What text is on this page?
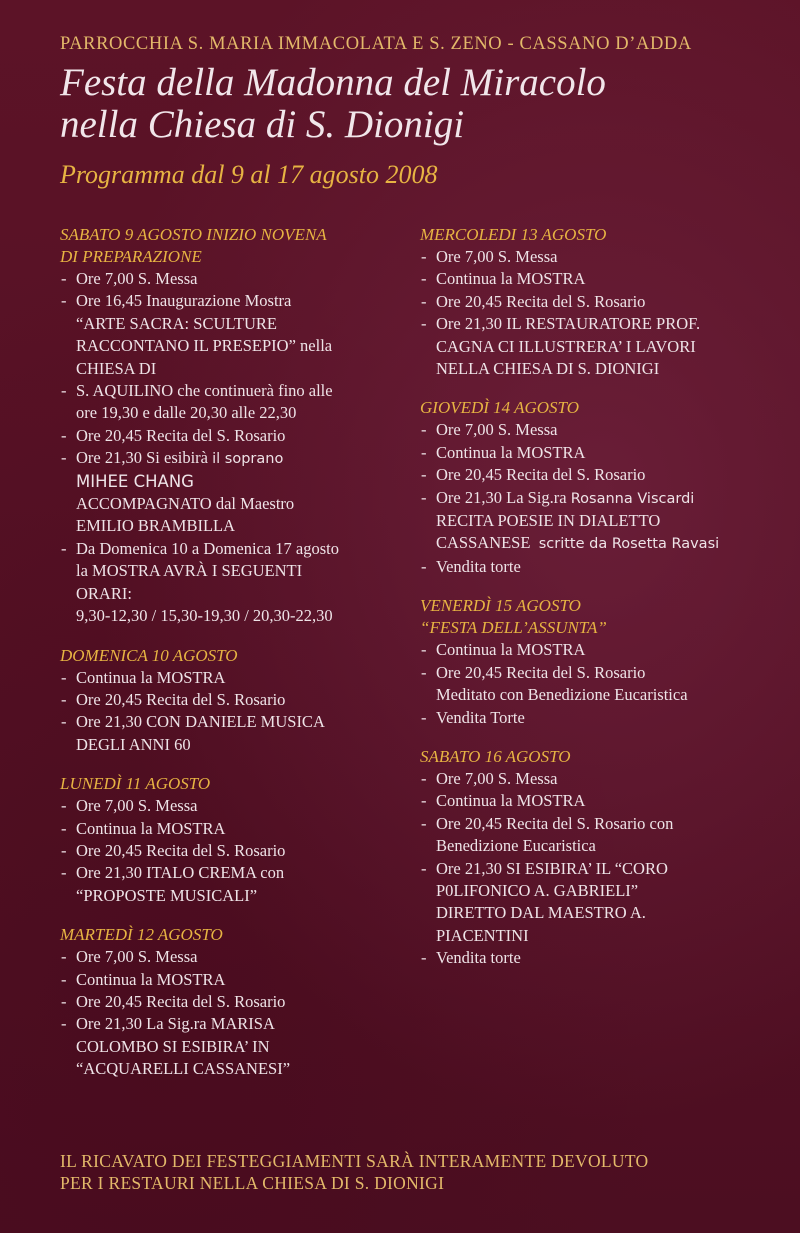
PARROCCHIA S. MARIA IMMACOLATA E S. ZENO - CASSANO D’ADDA
Festa della Madonna del Miracolo
nella Chiesa di S. Dionigi
Programma dal 9 al 17 agosto 2008
SABATO 9 AGOSTO INIZIO NOVENA
DI PREPARAZIONE
- Ore 7,00 S. Messa
- Ore 16,45 Inaugurazione Mostra
“ARTE SACRA: SCULTURE
RACCONTANO IL PRESEPIO” nella
CHIESA DI
- S. AQUILINO che continuerà fino alle
ore 19,30 e dalle 20,30 alle 22,30
- Ore 20,45 Recita del S. Rosario
- Ore 21,30 Si esibirà il soprano
MIHEE CHANG
ACCOMPAGNATO dal Maestro
EMILIO BRAMBILLA
- Da Domenica 10 a Domenica 17 agosto
la MOSTRA AVRÀ I SEGUENTI
ORARI:
9,30-12,30 / 15,30-19,30 / 20,30-22,30
DOMENICA 10 AGOSTO
- Continua la MOSTRA
- Ore 20,45 Recita del S. Rosario
- Ore 21,30 CON DANIELE MUSICA
DEGLI ANNI 60
LUNEDÌ 11 AGOSTO
- Ore 7,00 S. Messa
- Continua la MOSTRA
- Ore 20,45 Recita del S. Rosario
- Ore 21,30 ITALO CREMA con
“PROPOSTE MUSICALI”
MARTEDÌ 12 AGOSTO
- Ore 7,00 S. Messa
- Continua la MOSTRA
- Ore 20,45 Recita del S. Rosario
- Ore 21,30 La Sig.ra MARISA
COLOMBO SI ESIBIRA’ IN
“ACQUARELLI CASSANESI”
MERCOLEDI 13 AGOSTO
- Ore 7,00 S. Messa
- Continua la MOSTRA
- Ore 20,45 Recita del S. Rosario
- Ore 21,30 IL RESTAURATORE PROF.
CAGNA CI ILLUSTRERA’ I LAVORI
NELLA CHIESA DI S. DIONIGI
GIOVEDÌ 14 AGOSTO
- Ore 7,00 S. Messa
- Continua la MOSTRA
- Ore 20,45 Recita del S. Rosario
- Ore 21,30 La Sig.ra Rosanna Viscardi
RECITA POESIE IN DIALETTO
CASSANESE scritte da Rosetta Ravasi
- Vendita torte
VENERDÌ 15 AGOSTO
“FESTA DELL’ASSUNTA”
- Continua la MOSTRA
- Ore 20,45 Recita del S. Rosario
Meditato con Benedizione Eucaristica
- Vendita Torte
SABATO 16 AGOSTO
- Ore 7,00 S. Messa
- Continua la MOSTRA
- Ore 20,45 Recita del S. Rosario con
Benedizione Eucaristica
- Ore 21,30 SI ESIBIRA’ IL “CORO
P0LIFONICO A. GABRIELI”
DIRETTO DAL MAESTRO A.
PIACENTINI
- Vendita torte
IL RICAVATO DEI FESTEGGIAMENTI SARÀ INTERAMENTE DEVOLUTO
PER I RESTAURI NELLA CHIESA DI S. DIONIGI
